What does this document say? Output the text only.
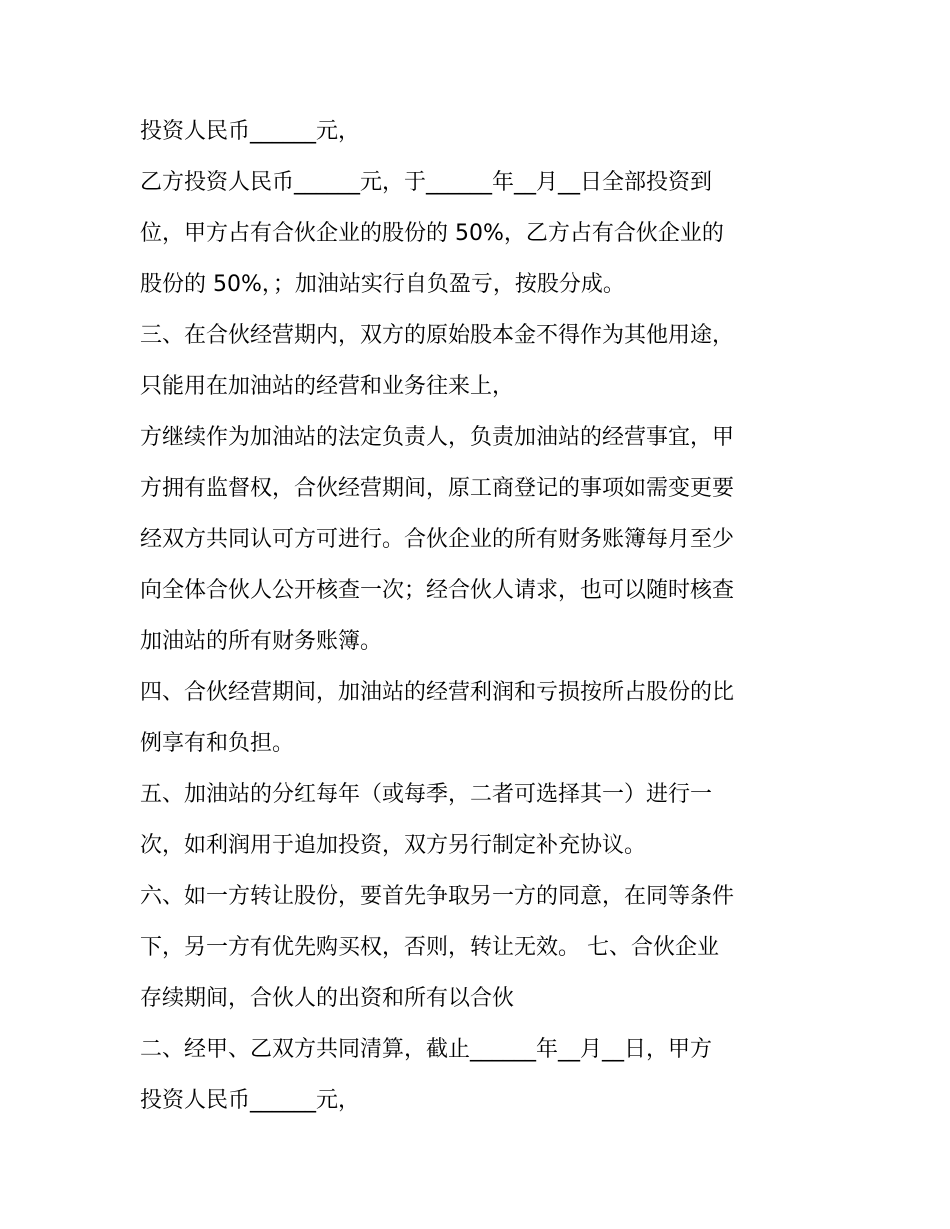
投资人民币______元，
乙方投资人民币______元，于______年__月__日全部投资到
位，甲方占有合伙企业的股份的 50%，乙方占有合伙企业的
股份的 50%，；加油站实行自负盈亏，按股分成。
三、在合伙经营期内，双方的原始股本金不得作为其他用途，
只能用在加油站的经营和业务往来上，
方继续作为加油站的法定负责人，负责加油站的经营事宜，甲
方拥有监督权，合伙经营期间，原工商登记的事项如需变更要
经双方共同认可方可进行。合伙企业的所有财务账簿每月至少
向全体合伙人公开核查一次；经合伙人请求，也可以随时核查
加油站的所有财务账簿。
四、合伙经营期间，加油站的经营利润和亏损按所占股份的比
例享有和负担。
五、加油站的分红每年（或每季，二者可选择其一）进行一
次，如利润用于追加投资，双方另行制定补充协议。
六、如一方转让股份，要首先争取另一方的同意，在同等条件
下，另一方有优先购买权，否则，转让无效。 七、合伙企业
存续期间，合伙人的出资和所有以合伙
二、经甲、乙双方共同清算，截止______年__月__日，甲方
投资人民币______元，
